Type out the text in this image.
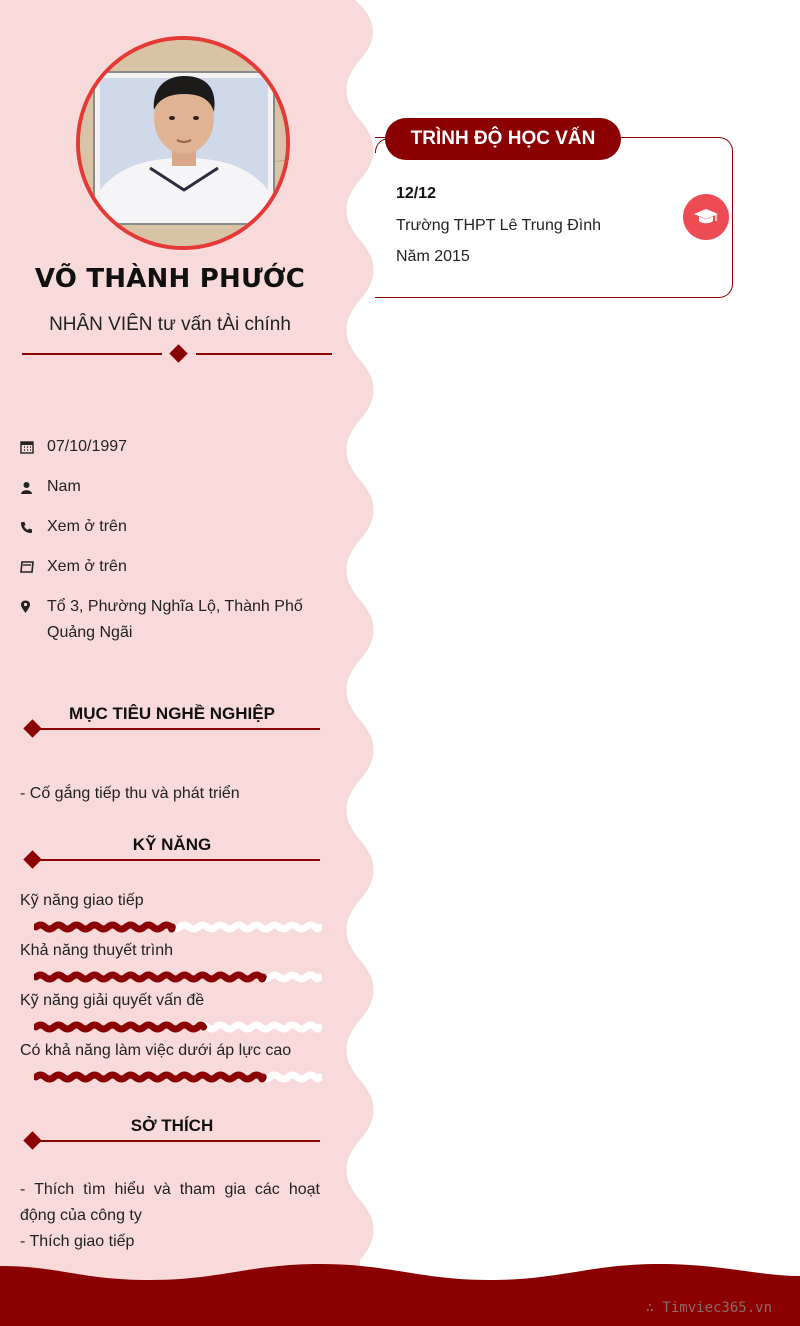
VÕ THÀNH PHƯỚC
NHÂN VIÊN tư vấn tÀi chính
07/10/1997
Nam
Xem ở trên
Xem ở trên
Tổ 3, Phường Nghĩa Lộ, Thành Phố Quảng Ngãi
MỤC TIÊU NGHỀ NGHIỆP
- Cố gắng tiếp thu và phát triển
KỸ NĂNG
Kỹ năng giao tiếp
Khả năng thuyết trình
Kỹ năng giải quyết vấn đề
Có khả năng làm việc dưới áp lực cao
SỞ THÍCH
- Thích tìm hiểu và tham gia các hoạt động của công ty
- Thích giao tiếp
TRÌNH ĐỘ HỌC VẤN
12/12
Trường THPT Lê Trung Đình
Năm 2015
∴ Timviec365.vn
